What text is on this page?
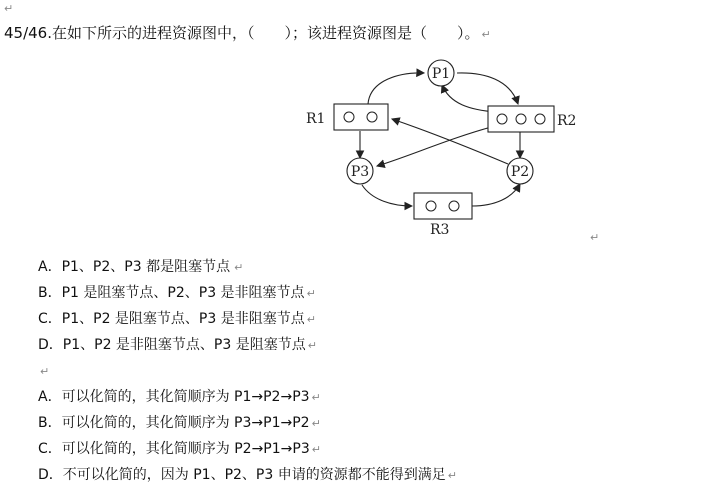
↵
45/46.在如下所示的进程资源图中，（　　）；该进程资源图是（　　）。 ↵
P1
P3	P2
R1	R2
R3	↵
A．P1、P2、P3 都是阻塞节点 ↵
B．P1 是阻塞节点、P2、P3 是非阻塞节点 ↵
C．P1、P2 是阻塞节点、P3 是非阻塞节点 ↵
D．P1、P2 是非阻塞节点、P3 是阻塞节点 ↵
↵
A．可以化简的，其化简顺序为 P1→P2→P3 ↵
B．可以化简的，其化简顺序为 P3→P1→P2 ↵
C．可以化简的，其化简顺序为 P2→P1→P3 ↵
D．不可以化简的，因为 P1、P2、P3 申请的资源都不能得到满足 ↵
